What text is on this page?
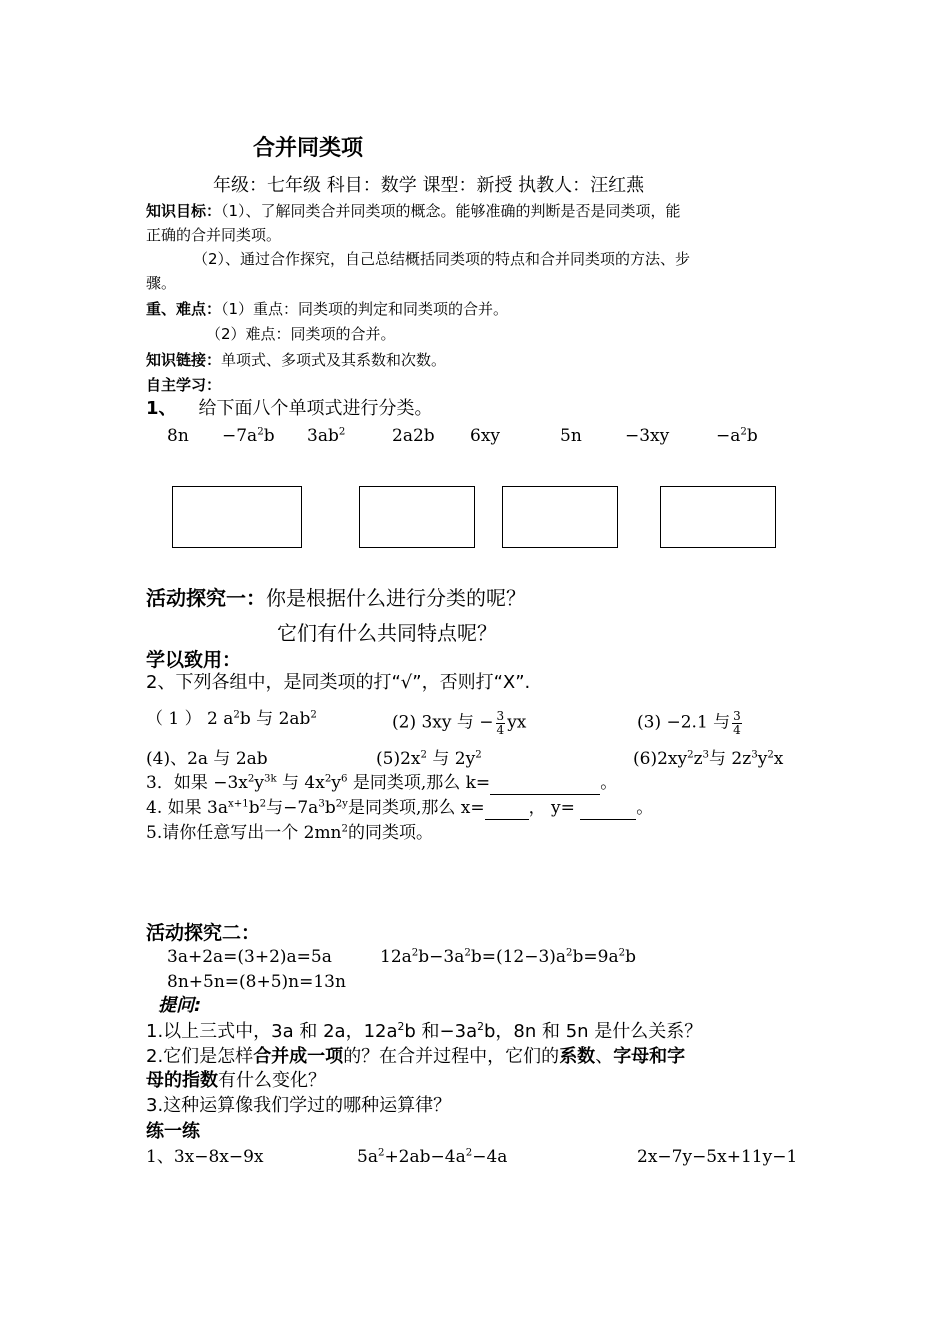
合并同类项
年级：七年级 科目：数学 课型：新授 执教人：汪红燕
知识目标：（1）、了解同类合并同类项的概念。能够准确的判断是否是同类项，能
正确的合并同类项。
（2）、通过合作探究，自己总结概括同类项的特点和合并同类项的方法、步
骤。
重、难点：（1）重点：同类项的判定和同类项的合并。
（2）难点：同类项的合并。
知识链接：单项式、多项式及其系数和次数。
自主学习：
1、 给下面八个单项式进行分类。
$8n -7a^2b$ $3ab^2$	2a2b 6xy	5n	−3xy	$-a^2b$
活动探究一：你是根据什么进行分类的呢？
它们有什么共同特点呢？
学以致用：
2、下列各组中，是同类项的打“√”，否则打“Χ”.
（ 1 ） 2 $a^2b$ 与 $2ab^2$	(2) 3xy 与 − $\frac{3}{4}$ yx	(3) −2.1 与 $\frac{3}{4}$
(4)、2a 与 2ab	$(5)2x^2$ 与 $2y^2$	$(6)2xy^2z^3$与 $2z^3y^2x$
3．如果 $-3x^2y^{3k}$ 与 $4x^2y^6$ 是同类项,那么 k=	。
4. 如果 $3a^{x+1}b^2$与$-7a^3b^{2y}$是同类项,那么 x=	， y=	。
5.请你任意写出一个 $2mn^2$的同类项。
活动探究二：
3a+2a=(3+2)a=5a	$12a^2b-3a^2b=(12-3)a^2b=9a^2b$
8n+5n=(8+5)n=13n
提问:
1.以上三式中，3a 和 2a，$12a^2b$ 和$-3a^2b$，8n 和 5n 是什么关系？
2.它们是怎样合并成一项的？在合并过程中，它们的系数、字母和字
母的指数有什么变化？
3.这种运算像我们学过的哪种运算律？
练一练
1、3x−8x−9x	$5a^2+2ab-4a^2-4a$	2x−7y−5x+11y−1
